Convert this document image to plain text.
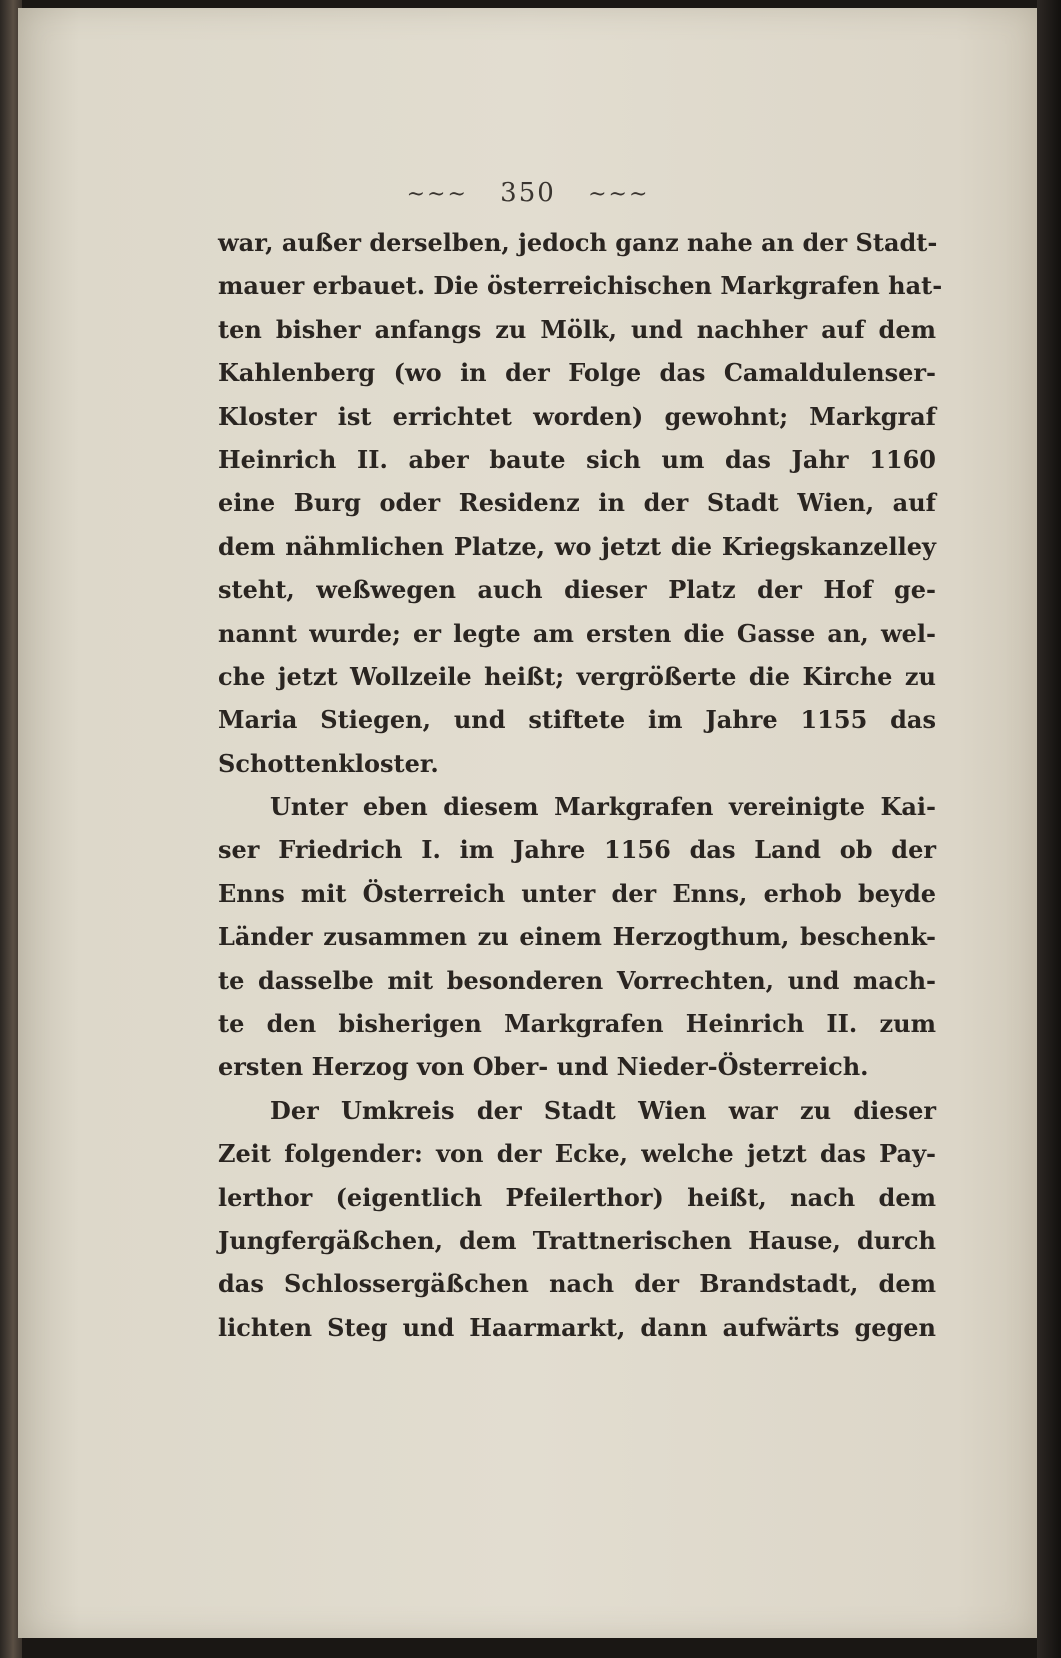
~~~ 350 ~~~
war, außer derselben, jedoch ganz nahe an der Stadt-
mauer erbauet. Die österreichischen Markgrafen hat-
ten bisher anfangs zu Mölk, und nachher auf dem
Kahlenberg (wo in der Folge das Camaldulenser-
Kloster ist errichtet worden) gewohnt; Markgraf
Heinrich II. aber baute sich um das Jahr 1160
eine Burg oder Residenz in der Stadt Wien, auf
dem nähmlichen Platze, wo jetzt die Kriegskanzelley
steht, weßwegen auch dieser Platz der Hof ge-
nannt wurde; er legte am ersten die Gasse an, wel-
che jetzt Wollzeile heißt; vergrößerte die Kirche zu
Maria Stiegen, und stiftete im Jahre 1155 das
Schottenkloster.
Unter eben diesem Markgrafen vereinigte Kai-
ser Friedrich I. im Jahre 1156 das Land ob der
Enns mit Österreich unter der Enns, erhob beyde
Länder zusammen zu einem Herzogthum, beschenk-
te dasselbe mit besonderen Vorrechten, und mach-
te den bisherigen Markgrafen Heinrich II. zum
ersten Herzog von Ober- und Nieder-Österreich.
Der Umkreis der Stadt Wien war zu dieser
Zeit folgender: von der Ecke, welche jetzt das Pay-
lerthor (eigentlich Pfeilerthor) heißt, nach dem
Jungfergäßchen, dem Trattnerischen Hause, durch
das Schlossergäßchen nach der Brandstadt, dem
lichten Steg und Haarmarkt, dann aufwärts gegen
